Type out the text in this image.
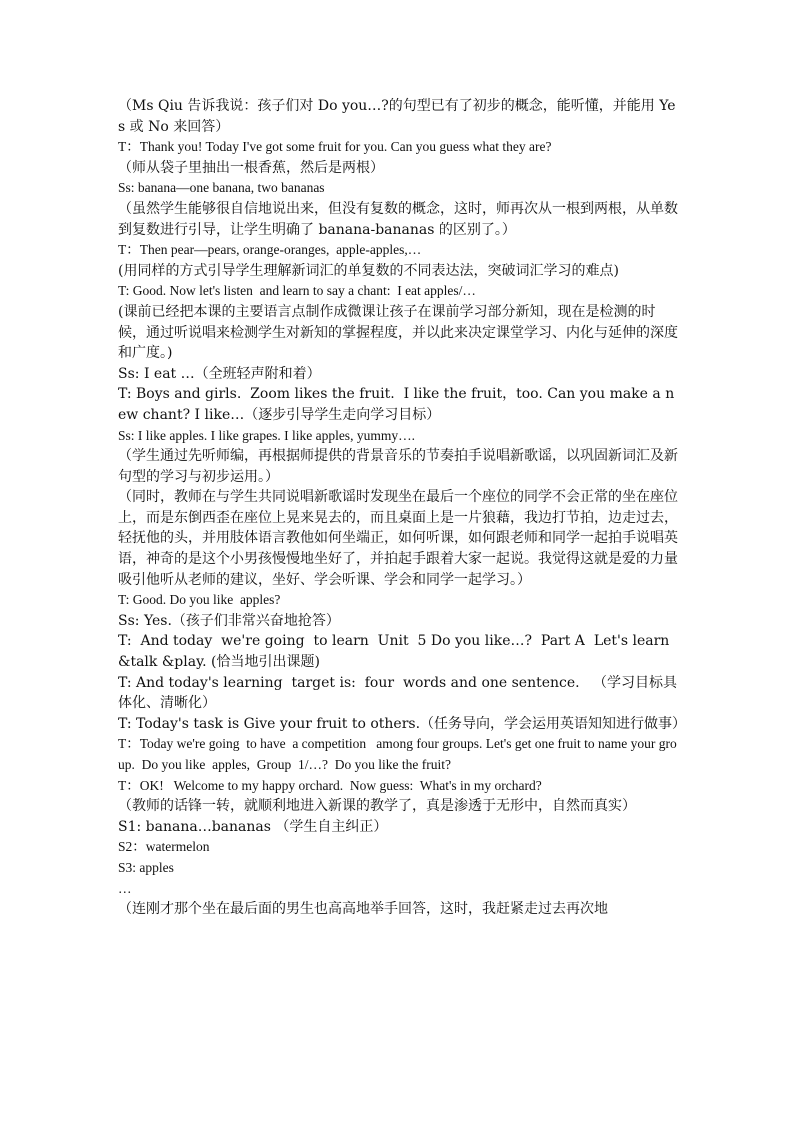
（Ms Qiu 告诉我说：孩子们对 Do you…?的句型已有了初步的概念，能听懂，并能用 Yes 或 No 来回答）

T：Thank you! Today I've got some fruit for you. Can you guess what they are?

（师从袋子里抽出一根香蕉，然后是两根）

Ss: banana—one banana, two bananas

（虽然学生能够很自信地说出来，但没有复数的概念，这时，师再次从一根到两根，从单数到复数进行引导，让学生明确了 banana-bananas 的区别了。）

T：Then pear—pears, orange-oranges,  apple-apples,…

(用同样的方式引导学生理解新词汇的单复数的不同表达法，突破词汇学习的难点)

T: Good. Now let's listen  and learn to say a chant:  I eat apples/…

(课前已经把本课的主要语言点制作成微课让孩子在课前学习部分新知，现在是检测的时候，通过听说唱来检测学生对新知的掌握程度，并以此来决定课堂学习、内化与延伸的深度和广度。)

Ss: I eat …（全班轻声附和着）

T: Boys and girls.  Zoom likes the fruit.  I like the fruit，too. Can you make a new chant? I like…（逐步引导学生走向学习目标）

Ss: I like apples. I like grapes. I like apples, yummy….

（学生通过先听师编，再根据师提供的背景音乐的节奏拍手说唱新歌谣，以巩固新词汇及新句型的学习与初步运用。）

（同时，教师在与学生共同说唱新歌谣时发现坐在最后一个座位的同学不会正常的坐在座位上，而是东倒西歪在座位上晃来晃去的，而且桌面上是一片狼藉，我边打节拍，边走过去，轻抚他的头，并用肢体语言教他如何坐端正，如何听课，如何跟老师和同学一起拍手说唱英语，神奇的是这个小男孩慢慢地坐好了，并拍起手跟着大家一起说。我觉得这就是爱的力量吸引他听从老师的建议，坐好、学会听课、学会和同学一起学习。）

T: Good. Do you like  apples?

Ss: Yes.（孩子们非常兴奋地抢答）

T:  And today  we're going  to learn  Unit  5 Do you like…?  Part A  Let's learn  &talk &play. (恰当地引出课题)

T: And today's learning  target is:  four  words and one sentence.   （学习目标具体化、清晰化）

T: Today's task is Give your fruit to others.（任务导向，学会运用英语知知进行做事）

T：Today we're going  to have  a competition   among four groups. Let's get one fruit to name your group.  Do you like  apples,  Group  1/…?  Do you like the fruit?

T：OK!   Welcome to my happy orchard.  Now guess:  What's in my orchard?

（教师的话锋一转，就顺利地进入新课的教学了，真是渗透于无形中，自然而真实）

S1: banana…bananas （学生自主纠正）

S2：watermelon

S3: apples

…

（连刚才那个坐在最后面的男生也高高地举手回答，这时，我赶紧走过去再次地
